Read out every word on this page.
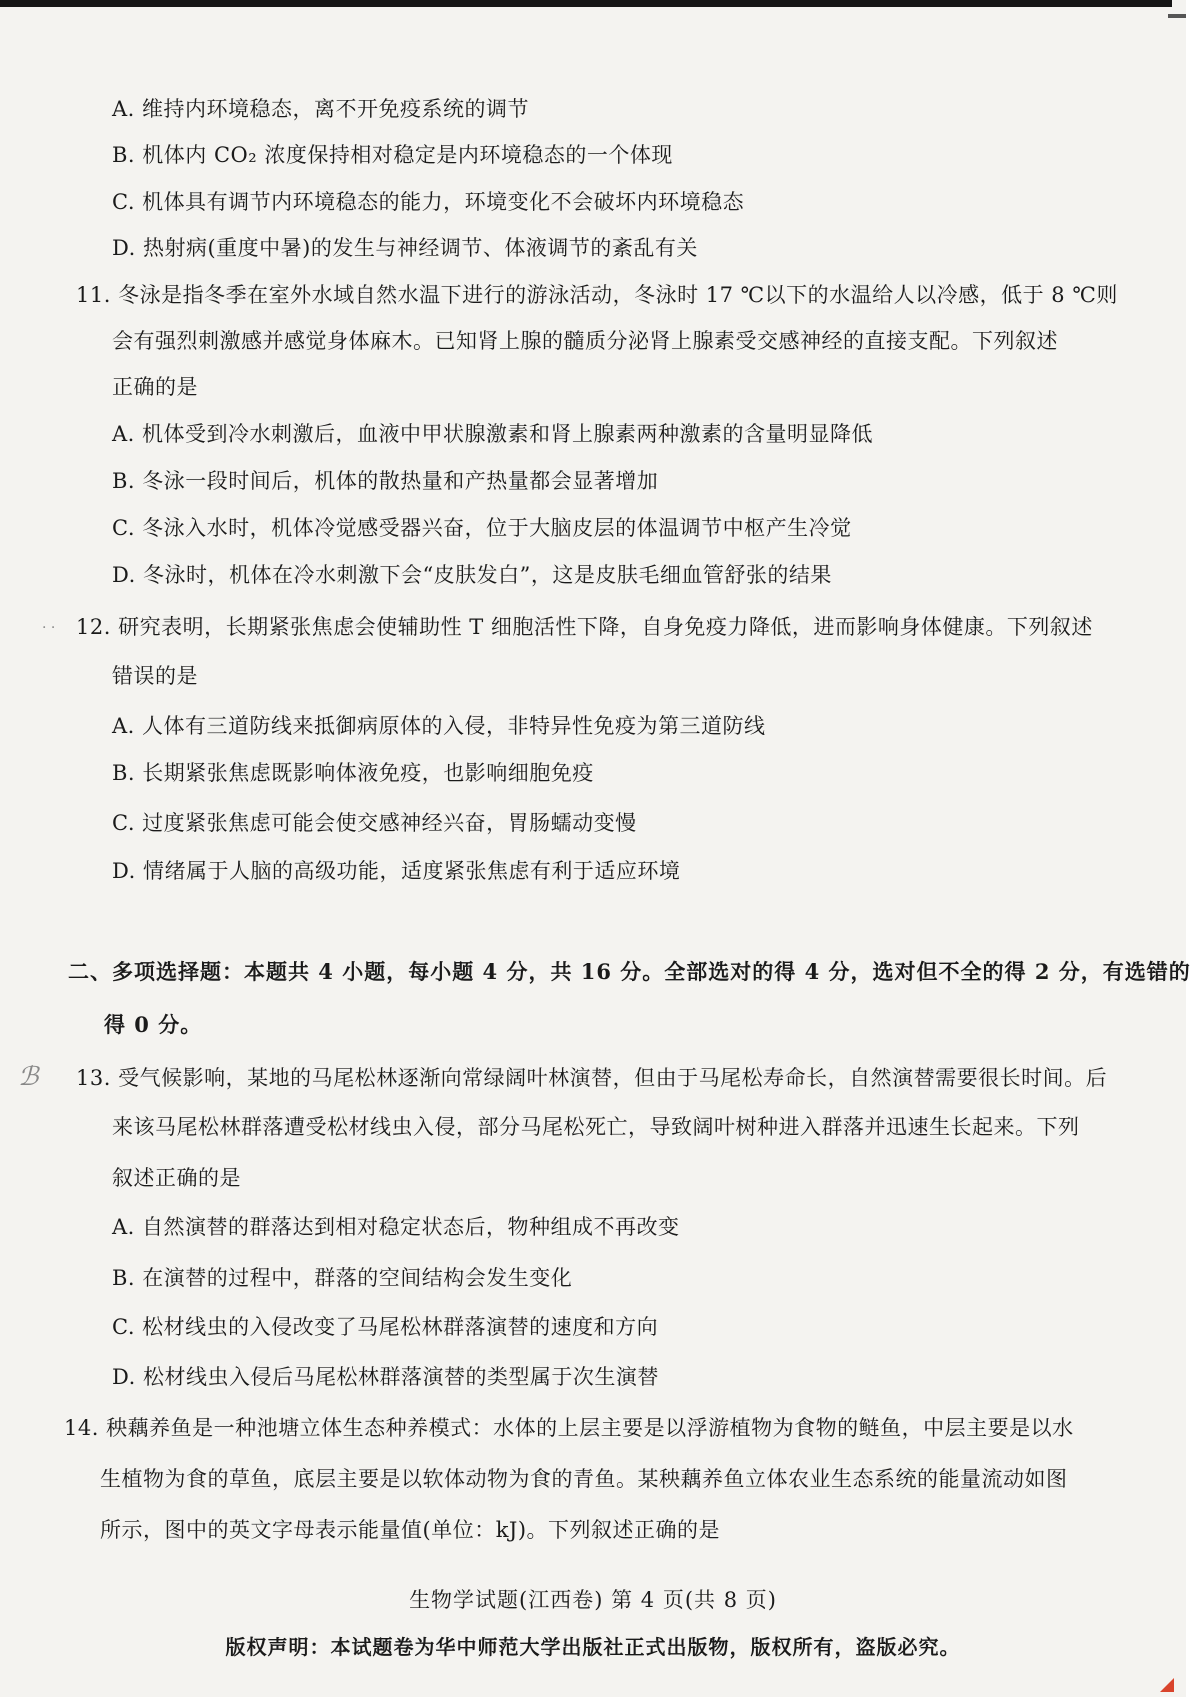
A. 维持内环境稳态，离不开免疫系统的调节
B. 机体内 CO₂ 浓度保持相对稳定是内环境稳态的一个体现
C. 机体具有调节内环境稳态的能力，环境变化不会破坏内环境稳态
D. 热射病(重度中暑)的发生与神经调节、体液调节的紊乱有关
11. 冬泳是指冬季在室外水域自然水温下进行的游泳活动，冬泳时 17 ℃以下的水温给人以冷感，低于 8 ℃则
会有强烈刺激感并感觉身体麻木。已知肾上腺的髓质分泌肾上腺素受交感神经的直接支配。下列叙述
正确的是
A. 机体受到冷水刺激后，血液中甲状腺激素和肾上腺素两种激素的含量明显降低
B. 冬泳一段时间后，机体的散热量和产热量都会显著增加
C. 冬泳入水时，机体冷觉感受器兴奋，位于大脑皮层的体温调节中枢产生冷觉
D. 冬泳时，机体在冷水刺激下会“皮肤发白”，这是皮肤毛细血管舒张的结果
· · 12. 研究表明，长期紧张焦虑会使辅助性 T 细胞活性下降，自身免疫力降低，进而影响身体健康。下列叙述
错误的是
A. 人体有三道防线来抵御病原体的入侵，非特异性免疫为第三道防线
B. 长期紧张焦虑既影响体液免疫，也影响细胞免疫
C. 过度紧张焦虑可能会使交感神经兴奋，胃肠蠕动变慢
D. 情绪属于人脑的高级功能，适度紧张焦虑有利于适应环境
二、多项选择题：本题共 4 小题，每小题 4 分，共 16 分。全部选对的得 4 分，选对但不全的得 2 分，有选错的
得 0 分。
ℬ 13. 受气候影响，某地的马尾松林逐渐向常绿阔叶林演替，但由于马尾松寿命长，自然演替需要很长时间。后
来该马尾松林群落遭受松材线虫入侵，部分马尾松死亡，导致阔叶树种进入群落并迅速生长起来。下列
叙述正确的是
A. 自然演替的群落达到相对稳定状态后，物种组成不再改变
B. 在演替的过程中，群落的空间结构会发生变化
C. 松材线虫的入侵改变了马尾松林群落演替的速度和方向
D. 松材线虫入侵后马尾松林群落演替的类型属于次生演替
14. 秧藕养鱼是一种池塘立体生态种养模式：水体的上层主要是以浮游植物为食物的鲢鱼，中层主要是以水
生植物为食的草鱼，底层主要是以软体动物为食的青鱼。某秧藕养鱼立体农业生态系统的能量流动如图
所示，图中的英文字母表示能量值(单位：kJ)。下列叙述正确的是
生物学试题(江西卷) 第 4 页(共 8 页)
版权声明：本试题卷为华中师范大学出版社正式出版物，版权所有，盗版必究。
